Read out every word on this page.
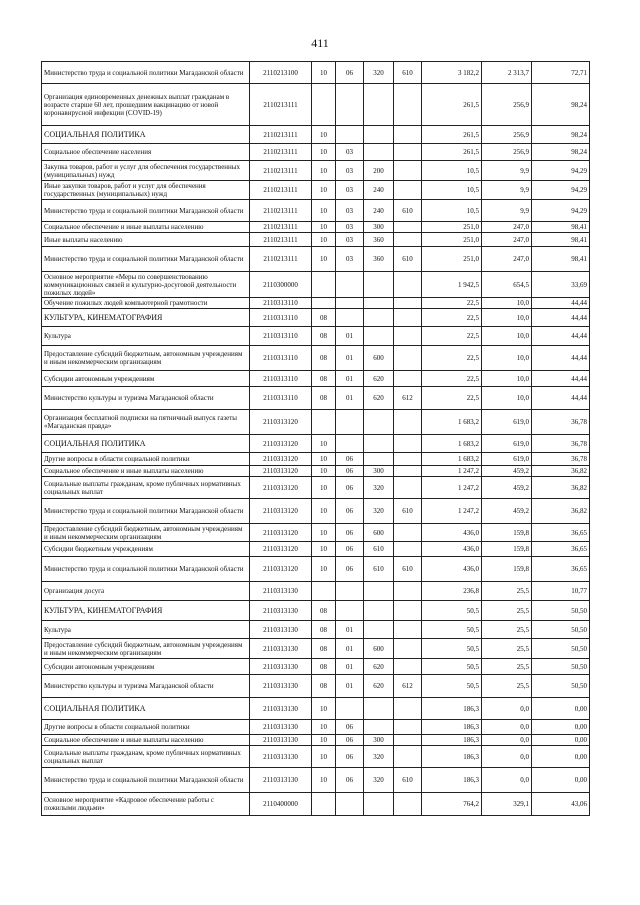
411
Министерство труда и социальной политики Магаданской области	2110213100	10	06	320	610	3 182,2	2 313,7	72,71
Организация единовременных денежных выплат гражданам в возрасте старше 60 лет, прошедшим вакцинацию от новой коронавирусной инфекции (COVID-19)	2110213111					261,5	256,9	98,24
СОЦИАЛЬНАЯ ПОЛИТИКА	2110213111	10				261,5	256,9	98,24
Социальное обеспечение населения	2110213111	10	03			261,5	256,9	98,24
Закупка товаров, работ и услуг для обеспечения государственных (муниципальных) нужд	2110213111	10	03	200		10,5	9,9	94,29
Иные закупки товаров, работ и услуг для обеспечения государственных (муниципальных) нужд	2110213111	10	03	240		10,5	9,9	94,29
Министерство труда и социальной политики Магаданской области	2110213111	10	03	240	610	10,5	9,9	94,29
Социальное обеспечение и иные выплаты населению	2110213111	10	03	300		251,0	247,0	98,41
Иные выплаты населению	2110213111	10	03	360		251,0	247,0	98,41
Министерство труда и социальной политики Магаданской области	2110213111	10	03	360	610	251,0	247,0	98,41
Основное мероприятие «Меры по совершенствованию коммуникационных связей и культурно-досуговой деятельности пожилых людей»	2110300000					1 942,5	654,5	33,69
Обучение пожилых людей компьютерной грамотности	2110313110					22,5	10,0	44,44
КУЛЬТУРА, КИНЕМАТОГРАФИЯ	2110313110	08				22,5	10,0	44,44
Культура	2110313110	08	01			22,5	10,0	44,44
Предоставление субсидий бюджетным, автономным учреждениям и иным некоммерческим организациям	2110313110	08	01	600		22,5	10,0	44,44
Субсидии автономным учреждениям	2110313110	08	01	620		22,5	10,0	44,44
Министерство культуры и туризма Магаданской области	2110313110	08	01	620	612	22,5	10,0	44,44
Организация бесплатной подписки на пятничный выпуск газеты «Магаданская правда»	2110313120					1 683,2	619,0	36,78
СОЦИАЛЬНАЯ ПОЛИТИКА	2110313120	10				1 683,2	619,0	36,78
Другие вопросы в области социальной политики	2110313120	10	06			1 683,2	619,0	36,78
Социальное обеспечение и иные выплаты населению	2110313120	10	06	300		1 247,2	459,2	36,82
Социальные выплаты гражданам, кроме публичных нормативных социальных выплат	2110313120	10	06	320		1 247,2	459,2	36,82
Министерство труда и социальной политики Магаданской области	2110313120	10	06	320	610	1 247,2	459,2	36,82
Предоставление субсидий бюджетным, автономным учреждениям и иным некоммерческим организациям	2110313120	10	06	600		436,0	159,8	36,65
Субсидии бюджетным учреждениям	2110313120	10	06	610		436,0	159,8	36,65
Министерство труда и социальной политики Магаданской области	2110313120	10	06	610	610	436,0	159,8	36,65
Организация досуга	2110313130					236,8	25,5	10,77
КУЛЬТУРА, КИНЕМАТОГРАФИЯ	2110313130	08				50,5	25,5	50,50
Культура	2110313130	08	01			50,5	25,5	50,50
Предоставление субсидий бюджетным, автономным учреждениям и иным некоммерческим организациям	2110313130	08	01	600		50,5	25,5	50,50
Субсидии автономным учреждениям	2110313130	08	01	620		50,5	25,5	50,50
Министерство культуры и туризма Магаданской области	2110313130	08	01	620	612	50,5	25,5	50,50
СОЦИАЛЬНАЯ ПОЛИТИКА	2110313130	10				186,3	0,0	0,00
Другие вопросы в области социальной политики	2110313130	10	06			186,3	0,0	0,00
Социальное обеспечение и иные выплаты населению	2110313130	10	06	300		186,3	0,0	0,00
Социальные выплаты гражданам, кроме публичных нормативных социальных выплат	2110313130	10	06	320		186,3	0,0	0,00
Министерство труда и социальной политики Магаданской области	2110313130	10	06	320	610	186,3	0,0	0,00
Основное мероприятие «Кадровое обеспечение работы с пожилыми людьми»	2110400000					764,2	329,1	43,06
